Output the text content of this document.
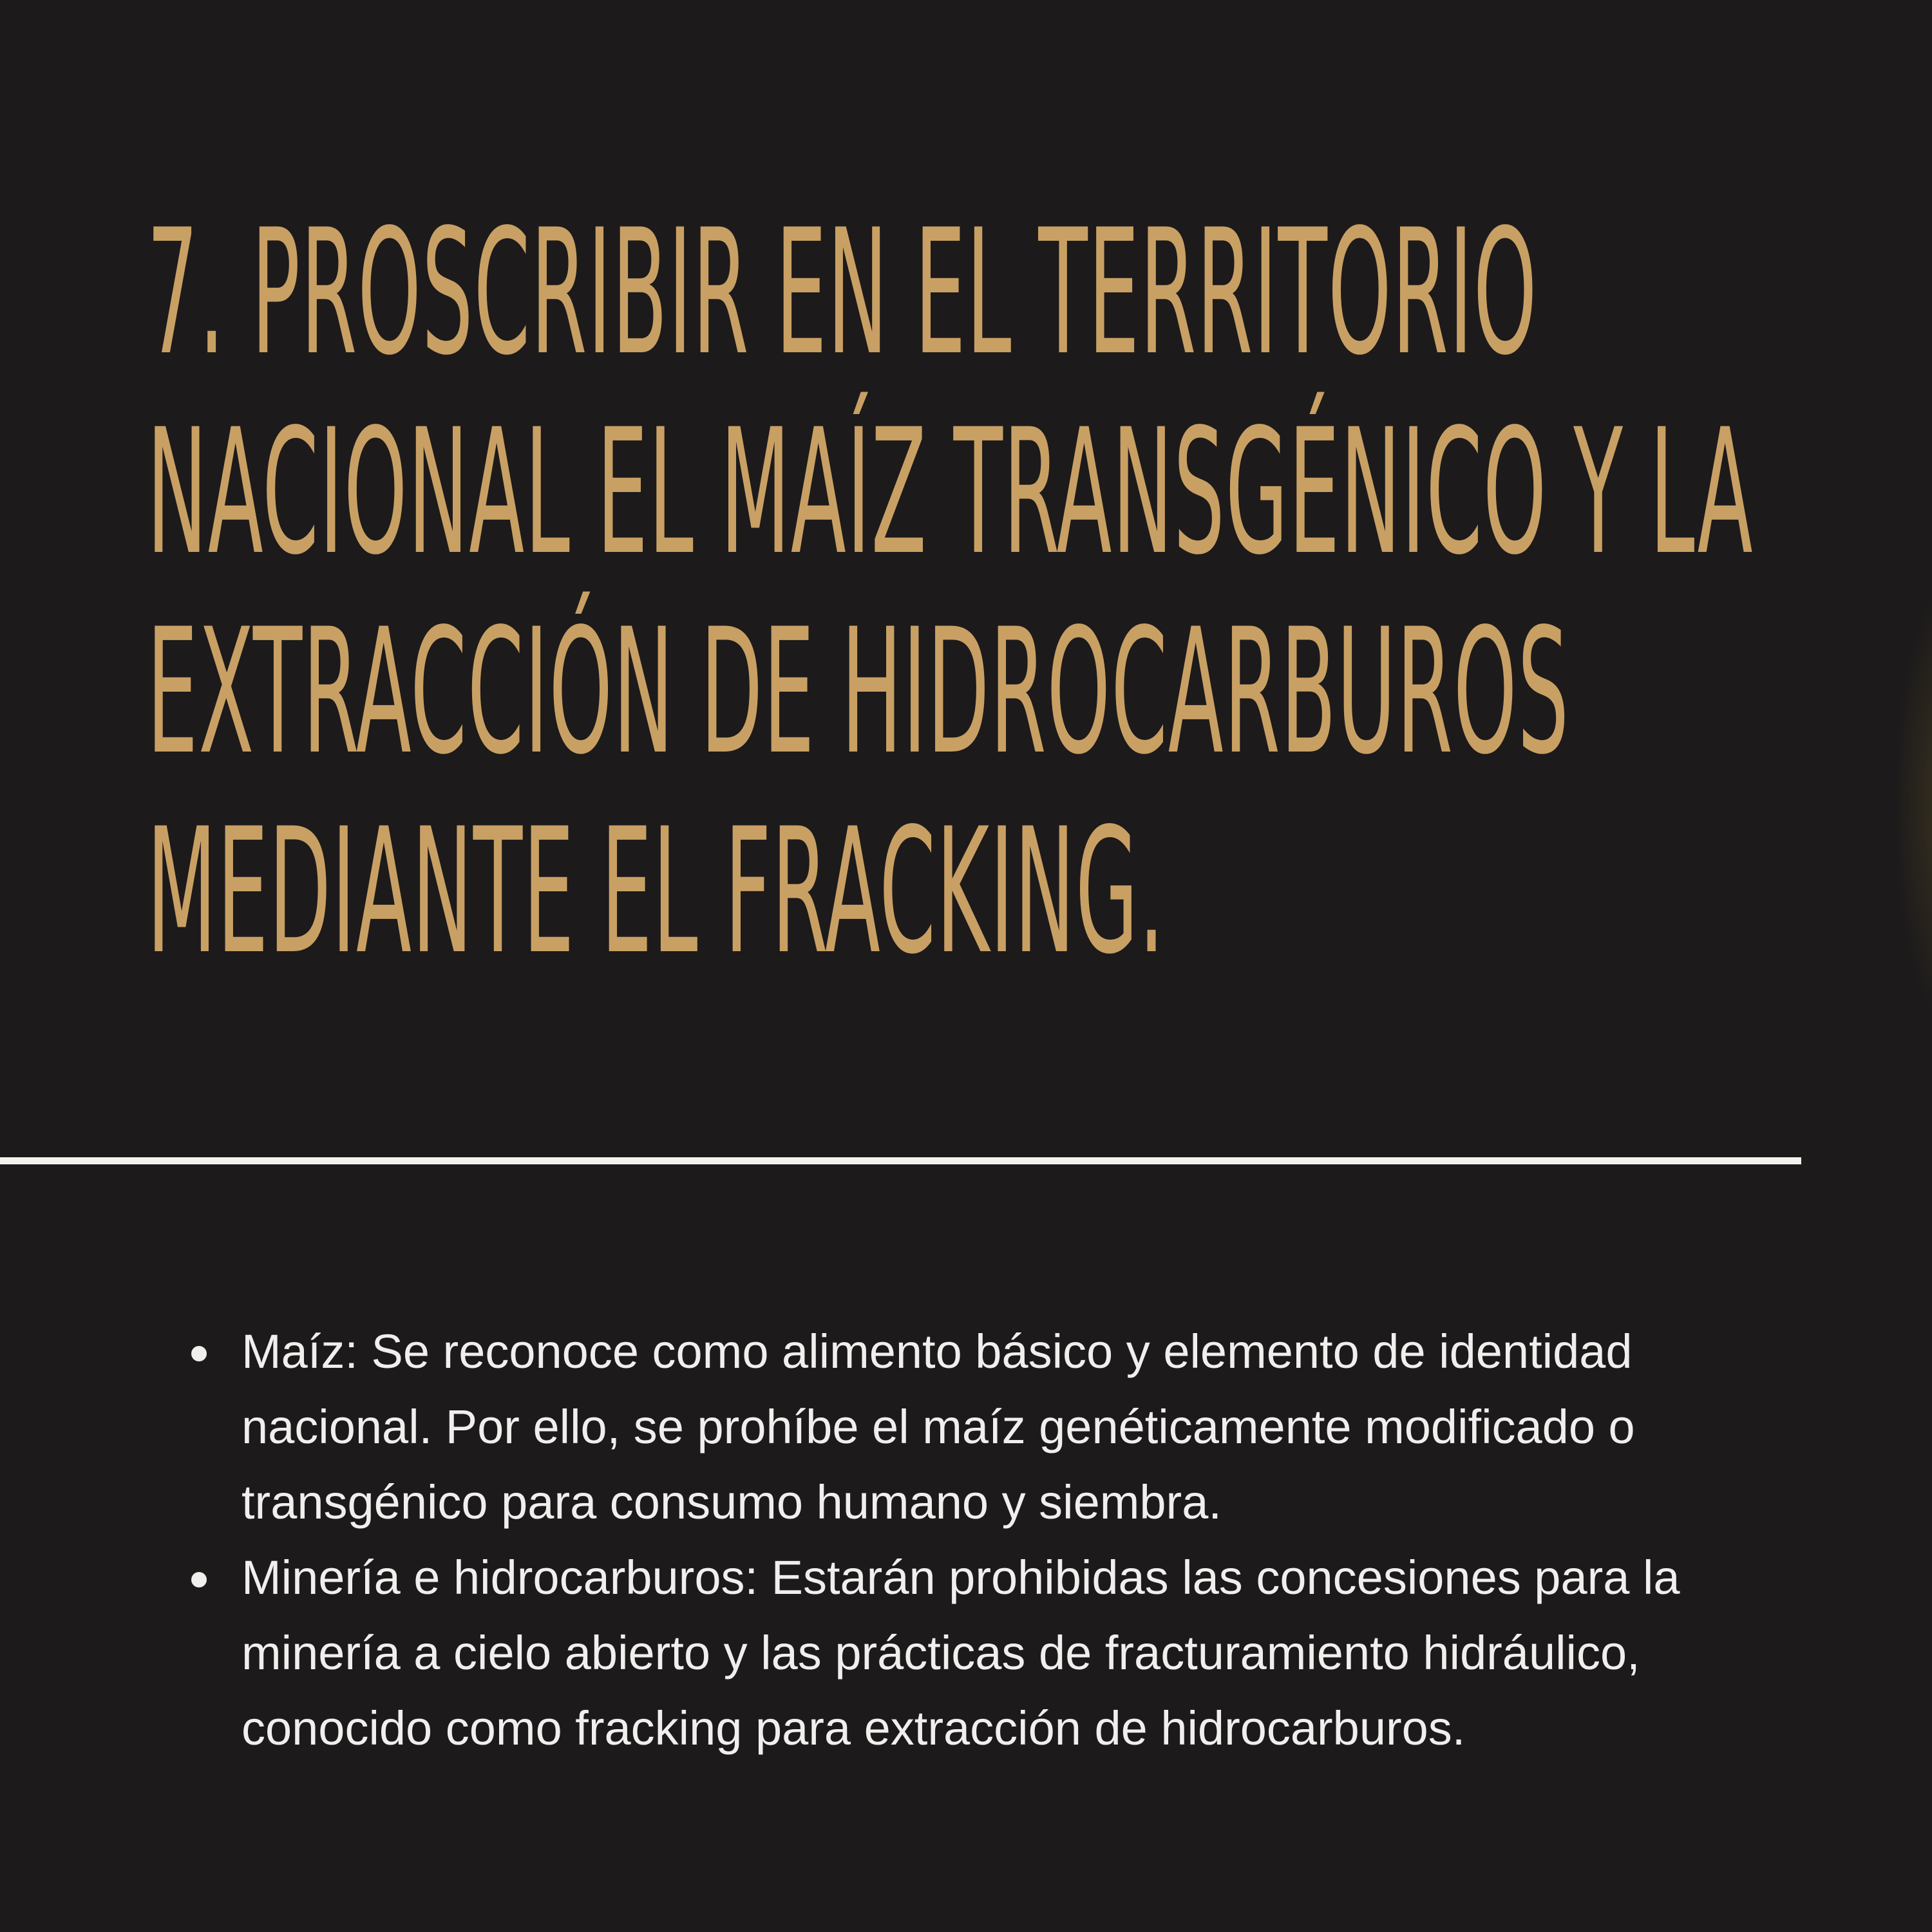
7. PROSCRIBIR EN EL TERRITORIO
NACIONAL EL MAÍZ TRANSGÉNICO Y LA
EXTRACCIÓN DE HIDROCARBUROS
MEDIANTE EL FRACKING.
Maíz: Se reconoce como alimento básico y elemento de identidad
nacional. Por ello, se prohíbe el maíz genéticamente modificado o
transgénico para consumo humano y siembra.
Minería e hidrocarburos: Estarán prohibidas las concesiones para la
minería a cielo abierto y las prácticas de fracturamiento hidráulico,
conocido como fracking para extracción de hidrocarburos.
